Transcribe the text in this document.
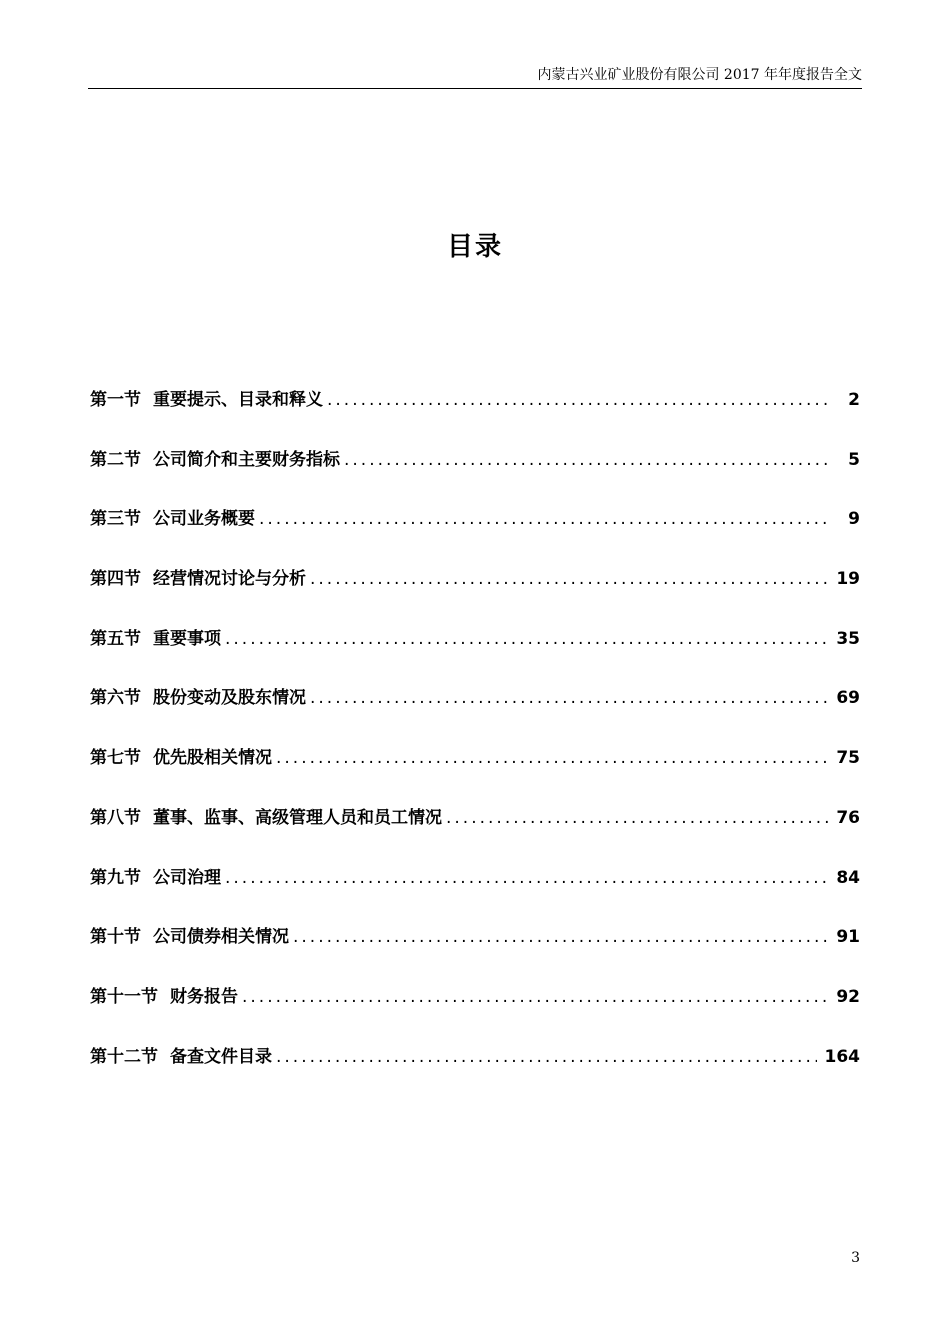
内蒙古兴业矿业股份有限公司 2017 年年度报告全文
目录
第一节 重要提示、目录和释义 .....	2
第二节 公司简介和主要财务指标 .....	5
第三节 公司业务概要 .....	9
第四节 经营情况讨论与分析 .....	19
第五节 重要事项 .....	35
第六节 股份变动及股东情况 .....	69
第七节 优先股相关情况 .....	75
第八节 董事、监事、高级管理人员和员工情况 .....	76
第九节 公司治理 .....	84
第十节 公司债券相关情况 .....	91
第十一节 财务报告 .....	92
第十二节 备查文件目录 .....	164
3
